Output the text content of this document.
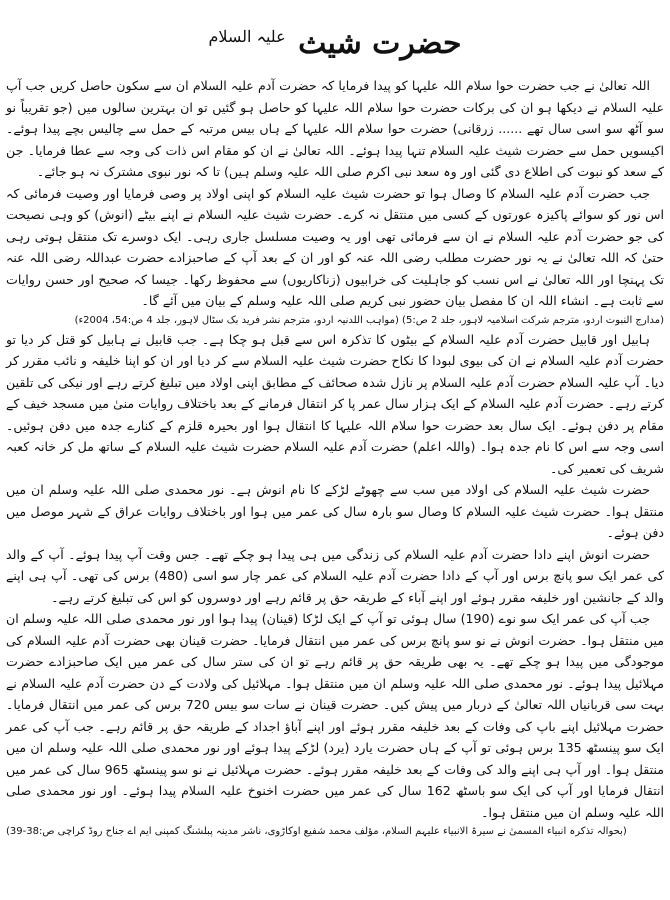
حضرت شیث $^{علیہ السلام}$

اللہ تعالیٰ نے جب حضرت حوا سلام اللہ علیہا کو پیدا فرمایا کہ حضرت آدم علیہ السلام ان سے سکون حاصل کریں جب آپ علیہ السلام نے دیکھا ہو ان کی برکات حضرت حوا سلام اللہ علیہا کو حاصل ہو گئیں تو ان بہترین سالوں میں (جو تقریباً نو سو آٹھ سو اسی سال تھے ...... زرقانی) حضرت حوا سلام اللہ علیہا کے ہاں بیس مرتبہ کے حمل سے چالیس بچے پیدا ہوئے۔ اکیسویں حمل سے حضرت شیث علیہ السلام تنہا پیدا ہوئے۔ اللہ تعالیٰ نے ان کو مقام اس ذات کی وجہ سے عطا فرمایا۔ جن کے سعد کو نبوت کی اطلاع دی گئی اور وہ سعد نبی اکرم صلی اللہ علیہ وسلم ہیں) تا کہ نور نبوی مشترک نہ ہو جائے۔

جب حضرت آدم علیہ السلام کا وصال ہوا تو حضرت شیث علیہ السلام کو اپنی اولاد پر وصی فرمایا اور وصیت فرمائی کہ اس نور کو سوائے پاکیزہ عورتوں کے کسی میں منتقل نہ کرے۔ حضرت شیث علیہ السلام نے اپنے بیٹے (انوش) کو وہی نصیحت کی جو حضرت آدم علیہ السلام نے ان سے فرمائی تھی اور یہ وصیت مسلسل جاری رہی۔ ایک دوسرے تک منتقل ہوتی رہی حتیٰ کہ اللہ تعالیٰ نے یہ نور حضرت مطلب رضی اللہ عنہ کو اور ان کے بعد آپ کے صاحبزادے حضرت عبداللہ رضی اللہ عنہ تک پہنچا اور اللہ تعالیٰ نے اس نسب کو جاہلیت کی خرابیوں (زناکاریوں) سے محفوظ رکھا۔ جیسا کہ صحیح اور حسن روایات سے ثابت ہے۔ انشاء اللہ ان کا مفصل بیان حضور نبی کریم صلی اللہ علیہ وسلم کے بیان میں آئے گا۔

(مدارج النبوت اردو، مترجم شرکت اسلامیہ لاہور، جلد 2 ص:5) (مواہب اللدنیہ اردو، مترجم نشر فرید بک سٹال لاہور، جلد 4 ص:54، 2004ء)

ہابیل اور قابیل حضرت آدم علیہ السلام کے بیٹوں کا تذکرہ اس سے قبل ہو چکا ہے۔ جب قابیل نے ہابیل کو قتل کر دیا تو حضرت آدم علیہ السلام نے ان کی بیوی لبودا کا نکاح حضرت شیث علیہ السلام سے کر دیا اور ان کو اپنا خلیفہ و نائب مقرر کر دیا۔ آپ علیہ السلام حضرت آدم علیہ السلام پر نازل شدہ صحائف کے مطابق اپنی اولاد میں تبلیغ کرتے رہے اور نیکی کی تلقین کرتے رہے۔ حضرت آدم علیہ السلام کے ایک ہزار سال عمر پا کر انتقال فرمانے کے بعد باختلاف روایات منیٰ میں مسجد خیف کے مقام پر دفن ہوئے۔ ایک سال بعد حضرت حوا سلام اللہ علیہا کا انتقال ہوا اور بحیرہ قلزم کے کنارے جدہ میں دفن ہوئیں۔ اسی وجہ سے اس کا نام جدہ ہوا۔ (واللہ اعلم) حضرت آدم علیہ السلام حضرت شیث علیہ السلام کے ساتھ مل کر خانہ کعبہ شریف کی تعمیر کی۔

حضرت شیث علیہ السلام کی اولاد میں سب سے چھوٹے لڑکے کا نام انوش ہے۔ نور محمدی صلی اللہ علیہ وسلم ان میں منتقل ہوا۔ حضرت شیث علیہ السلام کا وصال سو بارہ سال کی عمر میں ہوا اور باختلاف روایات عراق کے شہر موصل میں دفن ہوئے۔

حضرت انوش اپنے دادا حضرت آدم علیہ السلام کی زندگی میں ہی پیدا ہو چکے تھے۔ جس وقت آپ پیدا ہوئے۔ آپ کے والد کی عمر ایک سو پانچ برس اور آپ کے دادا حضرت آدم علیہ السلام کی عمر چار سو اسی (480) برس کی تھی۔ آپ ہی اپنے والد کے جانشین اور خلیفہ مقرر ہوئے اور اپنے آباء کے طریقہ حق پر قائم رہے اور دوسروں کو اس کی تبلیغ کرتے رہے۔

جب آپ کی عمر ایک سو نوے (190) سال ہوئی تو آپ کے ایک لڑکا (قینان) پیدا ہوا اور نور محمدی صلی اللہ علیہ وسلم ان میں منتقل ہوا۔ حضرت انوش نے نو سو پانچ برس کی عمر میں انتقال فرمایا۔ حضرت قینان بھی حضرت آدم علیہ السلام کی موجودگی میں پیدا ہو چکے تھے۔ یہ بھی طریقہ حق پر قائم رہے تو ان کی ستر سال کی عمر میں ایک صاحبزادے حضرت مہلائیل پیدا ہوئے۔ نور محمدی صلی اللہ علیہ وسلم ان میں منتقل ہوا۔ مہلائیل کی ولادت کے دن حضرت آدم علیہ السلام نے بہت سی قربانیاں اللہ تعالیٰ کے دربار میں پیش کیں۔ حضرت قینان نے سات سو بیس 720 برس کی عمر میں انتقال فرمایا۔ حضرت مہلائیل اپنے باپ کی وفات کے بعد خلیفہ مقرر ہوئے اور اپنے آباؤ اجداد کے طریقہ حق پر قائم رہے۔ جب آپ کی عمر ایک سو پینسٹھ 135 برس ہوئی تو آپ کے ہاں حضرت یارد (یرد) لڑکے پیدا ہوئے اور نور محمدی صلی اللہ علیہ وسلم ان میں منتقل ہوا۔ اور آپ ہی اپنے والد کی وفات کے بعد خلیفہ مقرر ہوئے۔ حضرت مہلائیل نے نو سو پینسٹھ 965 سال کی عمر میں انتقال فرمایا اور آپ کی ایک سو باسٹھ 162 سال کی عمر میں حضرت اخنوخ علیہ السلام پیدا ہوئے۔ اور نور محمدی صلی اللہ علیہ وسلم ان میں منتقل ہوا۔

(بحوالہ تذکرہ انبیاء المسمیٰ نے سیرۃ الانبیاء علیہم السلام، مؤلف محمد شفیع اوکاڑوی، ناشر مدینہ پبلشنگ کمپنی ایم اے جناح روڈ کراچی ص:38-39)
